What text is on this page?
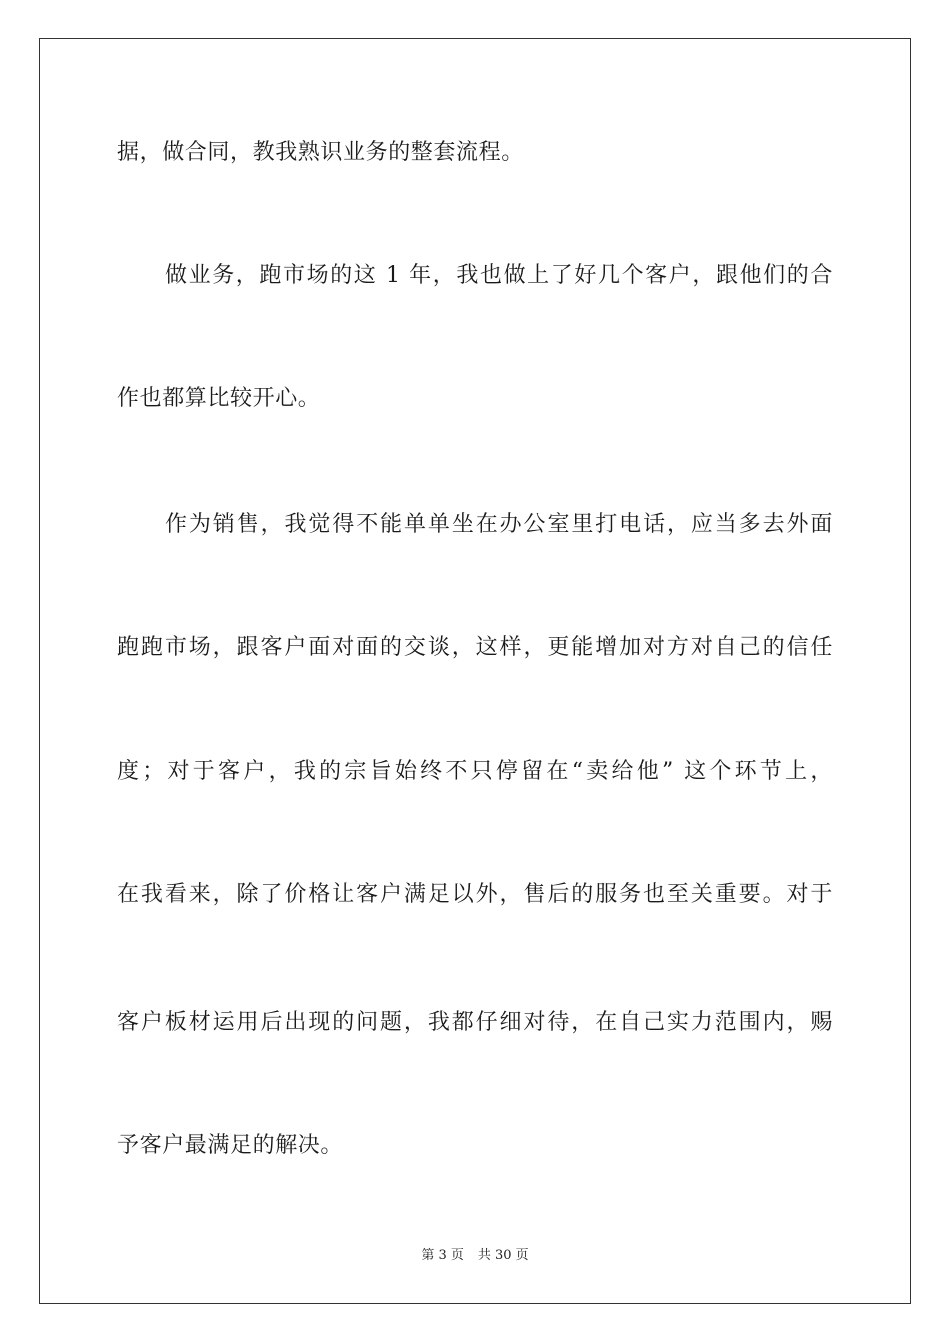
据，做合同，教我熟识业务的整套流程。
做业务，跑市场的这 1 年，我也做上了好几个客户，跟他们的合
作也都算比较开心。
作为销售，我觉得不能单单坐在办公室里打电话，应当多去外面
跑跑市场，跟客户面对面的交谈，这样，更能增加对方对自己的信任
度；对于客户，我的宗旨始终不只停留在“卖给他” 这个环节上，
在我看来，除了价格让客户满足以外，售后的服务也至关重要。对于
客户板材运用后出现的问题，我都仔细对待，在自己实力范围内，赐
予客户最满足的解决。
第 3 页 共 30 页
